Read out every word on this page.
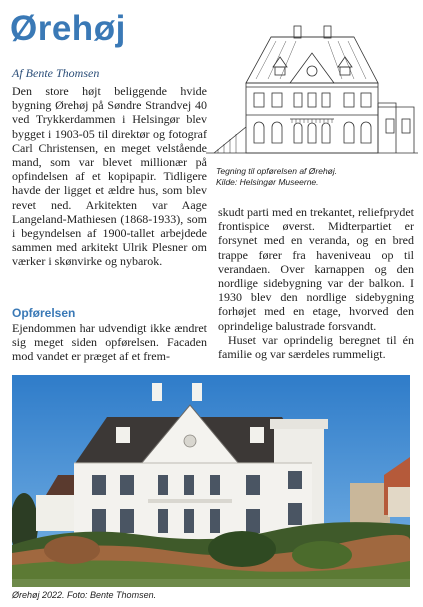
Ørehøj

Af Bente Thomsen

Tegning til opførelsen af Ørehøj.
Kilde: Helsingør Museerne.

Den store højt beliggende hvide bygning Ørehøj på Søndre Strandvej 40 ved Trykkerdammen i Helsingør blev bygget i 1903-05 til direktør og fotograf Carl Christensen, en meget velstående mand, som var blevet millionær på opfindelsen af et kopipapir. Tidligere havde der ligget et ældre hus, som blev revet ned. Arkitekten var Aage Langeland-Mathiesen (1868-1933), som i begyndelsen af 1900-tallet arbejdede sammen med arkitekt Ulrik Plesner om værker i skønvirke og nybarok.

Opførelsen

Ejendommen har udvendigt ikke ændret sig meget siden opførelsen. Facaden mod vandet er præget af et frem-

skudt parti med en trekantet, reliefprydet frontispice øverst. Midterpartiet er forsynet med en veranda, og en bred trappe fører fra haveniveau op til verandaen. Over karnappen og den nordlige sidebygning var der balkon. I 1930 blev den nordlige sidebygning forhøjet med en etage, hvorved den oprindelige balustrade forsvandt.

Huset var oprindelig beregnet til én familie og var særdeles rummeligt.

Ørehøj 2022. Foto: Bente Thomsen.
